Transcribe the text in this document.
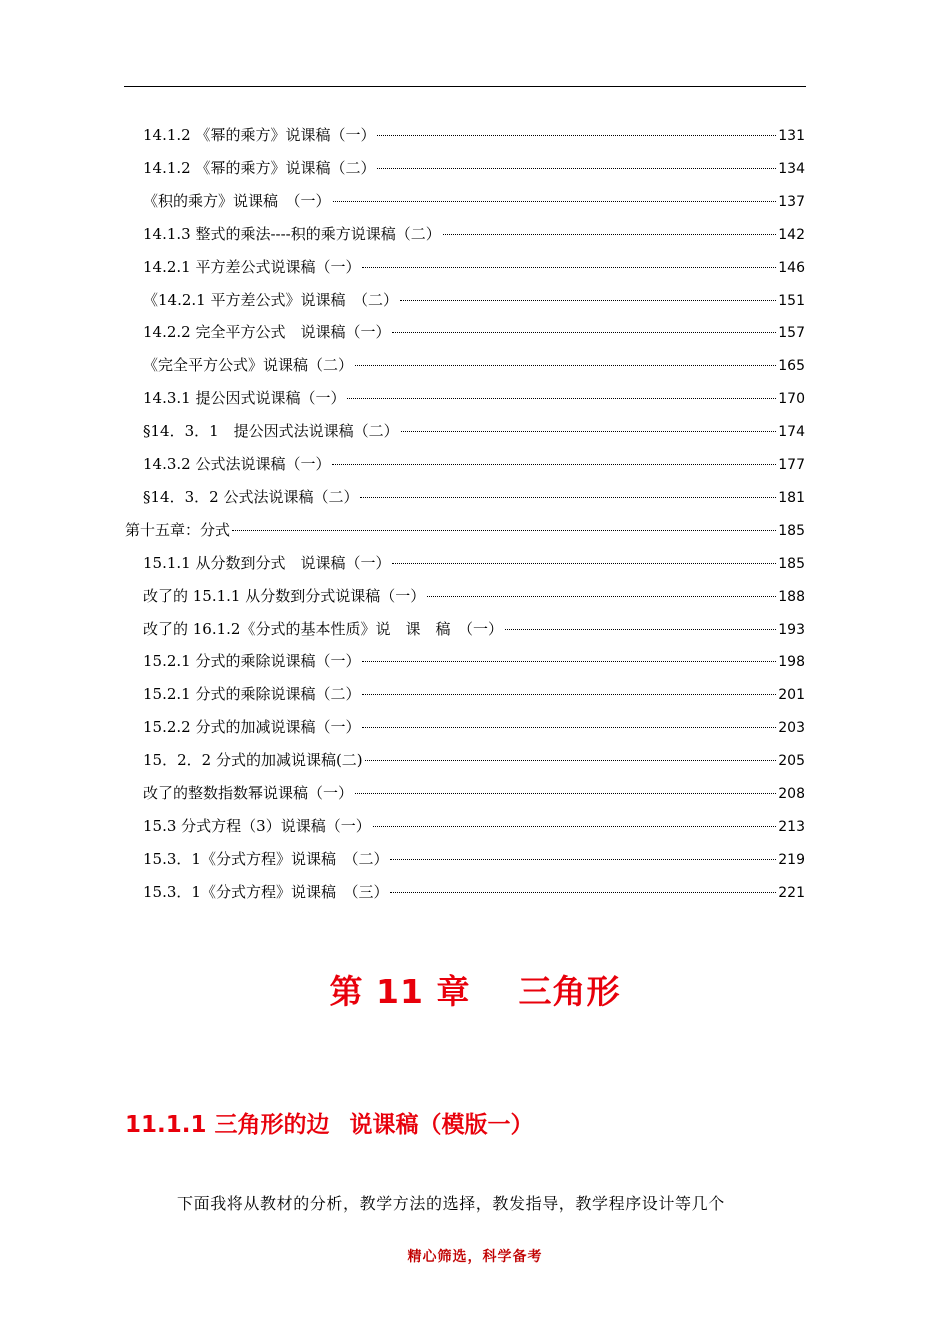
14.1.2 《幂的乘方》说课稿（一）	131
14.1.2 《幂的乘方》说课稿（二）	134
《积的乘方》说课稿　（一）	137
14.1.3 整式的乘法----积的乘方说课稿（二）	142
14.2.1 平方差公式说课稿（一）	146
《14.2.1 平方差公式》说课稿　（二）	151
14.2.2 完全平方公式　说课稿（一）	157
《完全平方公式》说课稿（二）	165
14.3.1 提公因式说课稿（一）	170
§14．3．1　提公因式法说课稿（二）	174
14.3.2 公式法说课稿（一）	177
§14．3．2 公式法说课稿（二）	181
第十五章：分式	185
15.1.1 从分数到分式　说课稿（一）	185
改了的 15.1.1 从分数到分式说课稿（一）	188
改了的 16.1.2《分式的基本性质》说　课　稿　（一）	193
15.2.1 分式的乘除说课稿（一）	198
15.2.1 分式的乘除说课稿（二）	201
15.2.2 分式的加减说课稿（一）	203
15．2．2 分式的加减说课稿(二)	205
改了的整数指数幂说课稿（一）	208
15.3 分式方程（3）说课稿（一）	213
15.3．1《分式方程》说课稿　（二）	219
15.3．1《分式方程》说课稿　（三）	221
第 11 章 三角形
11.1.1 三角形的边 说课稿（模版一）
下面我将从教材的分析，教学方法的选择，教发指导，教学程序设计等几个
精心筛选，科学备考
